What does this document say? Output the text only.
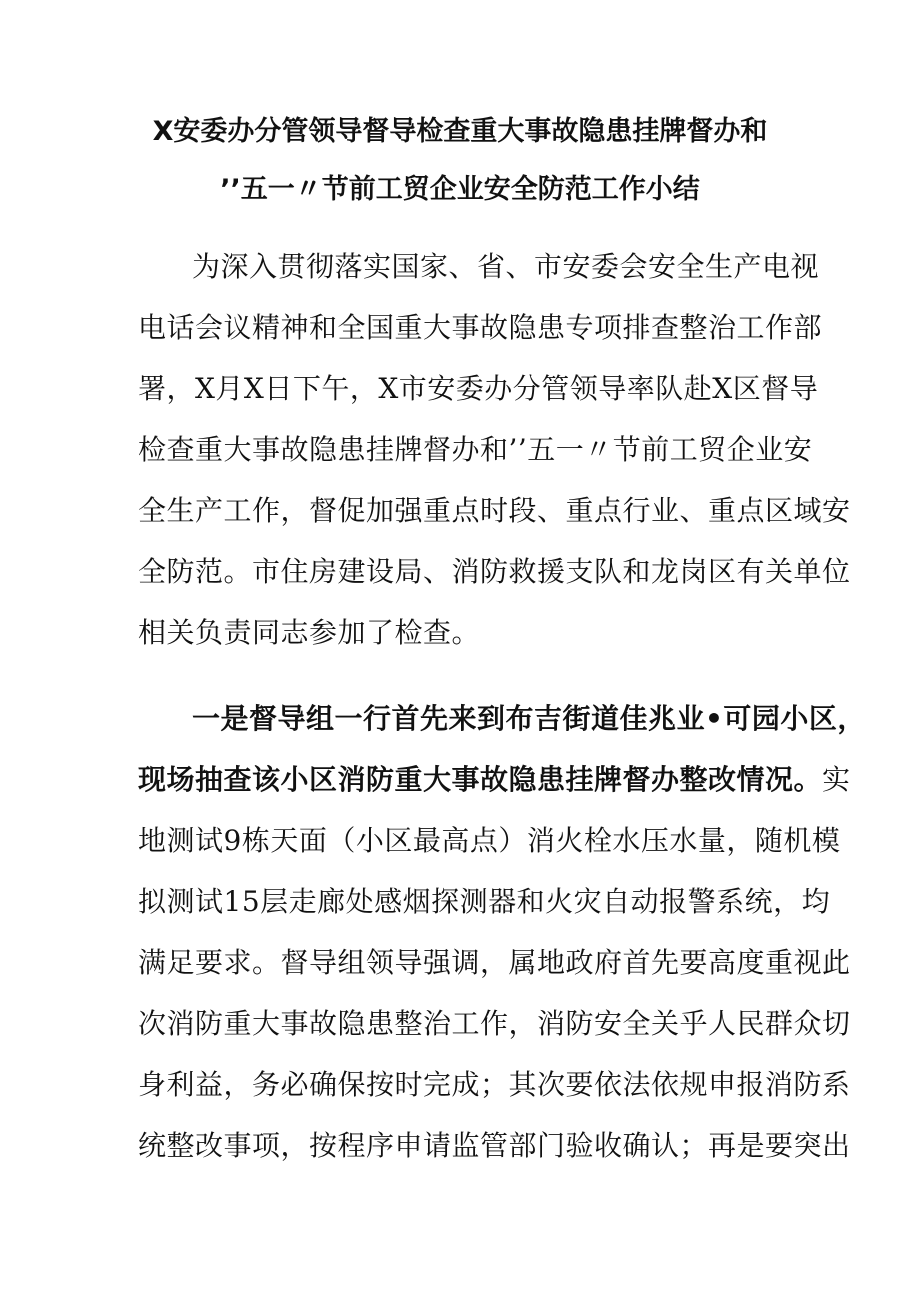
X安委办分管领导督导检查重大事故隐患挂牌督办和
’’五一〃节前工贸企业安全防范工作小结
为深入贯彻落实国家、省、市安委会安全生产电视
电话会议精神和全国重大事故隐患专项排查整治工作部
署，X月X日下午，X市安委办分管领导率队赴X区督导
检查重大事故隐患挂牌督办和’’五一〃节前工贸企业安
全生产工作，督促加强重点时段、重点行业、重点区域安
全防范。市住房建设局、消防救援支队和龙岗区有关单位
相关负责同志参加了检查。
一是督导组一行首先来到布吉街道佳兆业•可园小区，
现场抽查该小区消防重大事故隐患挂牌督办整改情况。实
地测试9栋天面（小区最高点）消火栓水压水量，随机模
拟测试15层走廊处感烟探测器和火灾自动报警系统，均
满足要求。督导组领导强调，属地政府首先要高度重视此
次消防重大事故隐患整治工作，消防安全关乎人民群众切
身利益，务必确保按时完成；其次要依法依规申报消防系
统整改事项，按程序申请监管部门验收确认；再是要突出
